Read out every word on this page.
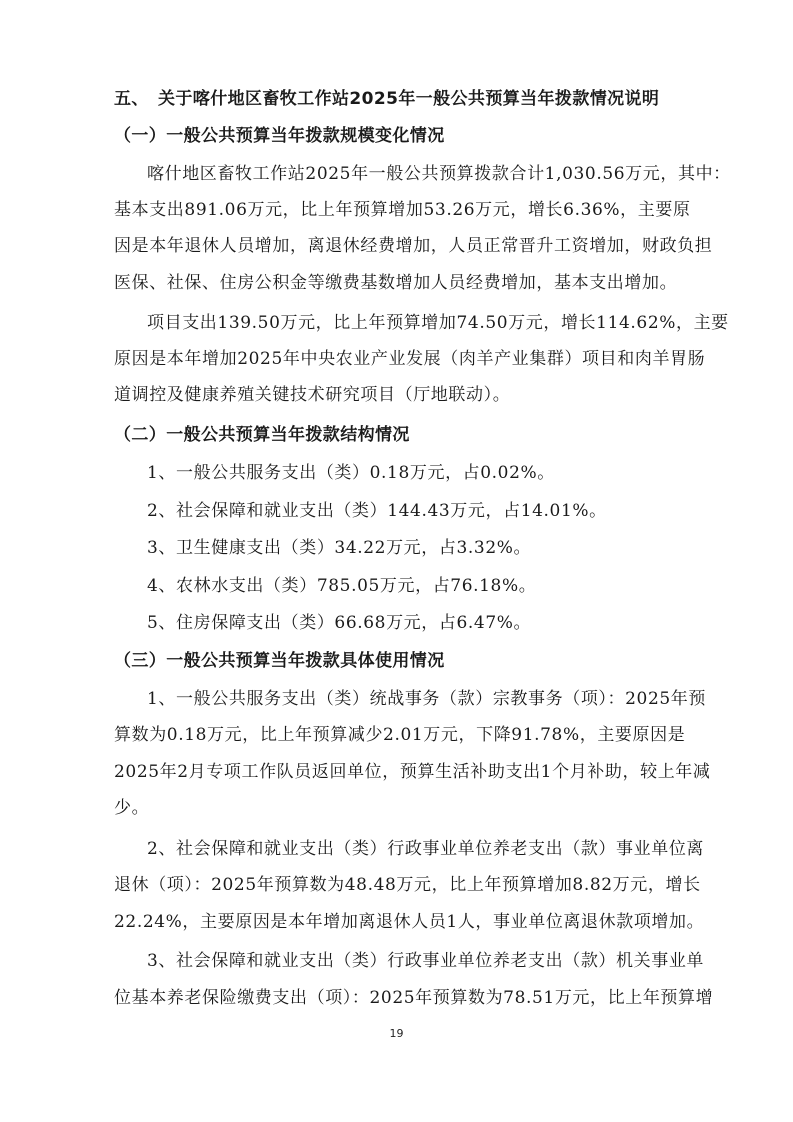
五、 关于喀什地区畜牧工作站2025年一般公共预算当年拨款情况说明
（一）一般公共预算当年拨款规模变化情况
喀什地区畜牧工作站2025年一般公共预算拨款合计1,030.56万元，其中：
基本支出891.06万元，比上年预算增加53.26万元，增长6.36%，主要原
因是本年退休人员增加，离退休经费增加，人员正常晋升工资增加，财政负担
医保、社保、住房公积金等缴费基数增加人员经费增加，基本支出增加。
项目支出139.50万元，比上年预算增加74.50万元，增长114.62%，主要
原因是本年增加2025年中央农业产业发展（肉羊产业集群）项目和肉羊胃肠
道调控及健康养殖关键技术研究项目（厅地联动）。
（二）一般公共预算当年拨款结构情况
1、一般公共服务支出（类）0.18万元，占0.02%。
2、社会保障和就业支出（类）144.43万元，占14.01%。
3、卫生健康支出（类）34.22万元，占3.32%。
4、农林水支出（类）785.05万元，占76.18%。
5、住房保障支出（类）66.68万元，占6.47%。
（三）一般公共预算当年拨款具体使用情况
1、一般公共服务支出（类）统战事务（款）宗教事务（项）：2025年预
算数为0.18万元，比上年预算减少2.01万元，下降91.78%，主要原因是
2025年2月专项工作队员返回单位，预算生活补助支出1个月补助，较上年减
少。
2、社会保障和就业支出（类）行政事业单位养老支出（款）事业单位离
退休（项）：2025年预算数为48.48万元，比上年预算增加8.82万元，增长
22.24%，主要原因是本年增加离退休人员1人，事业单位离退休款项增加。
3、社会保障和就业支出（类）行政事业单位养老支出（款）机关事业单
位基本养老保险缴费支出（项）：2025年预算数为78.51万元，比上年预算增
19
